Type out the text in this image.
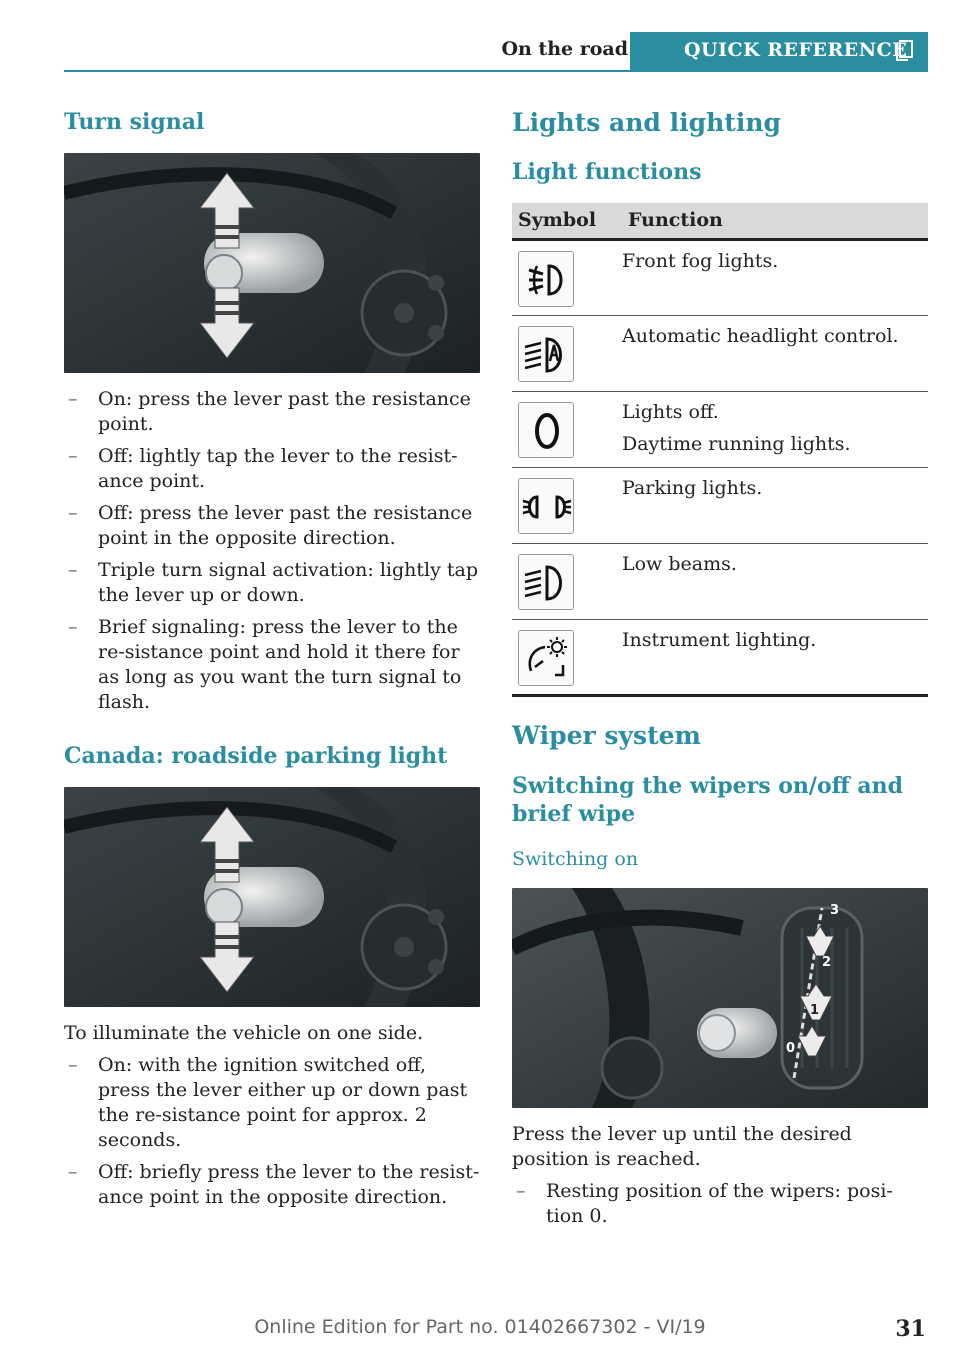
On the road	QUICK REFERENCE
Turn signal
– On: press the lever past the resistance point.
– Off: lightly tap the lever to the resist-ance point.
– Off: press the lever past the resistance point in the opposite direction.
– Triple turn signal activation: lightly tap the lever up or down.
– Brief signaling: press the lever to the re-sistance point and hold it there for as long as you want the turn signal to flash.
Canada: roadside parking light

To illuminate the vehicle on one side.

– On: with the ignition switched off, press the lever either up or down past the re-sistance point for approx. 2 seconds.
– Off: briefly press the lever to the resist-ance point in the opposite direction.
Lights and lighting
Light functions
Symbol	Function

Front fog lights.

Automatic headlight control.

Lights off.
Daytime running lights.

Parking lights.

Low beams.

Instrument lighting.
Wiper system
Switching the wipers on/off and brief wipe
Switching on
3
2
1
0

Press the lever up until the desired position is reached.

– Resting position of the wipers: posi-tion 0.
Online Edition for Part no. 01402667302 - VI/19	31
